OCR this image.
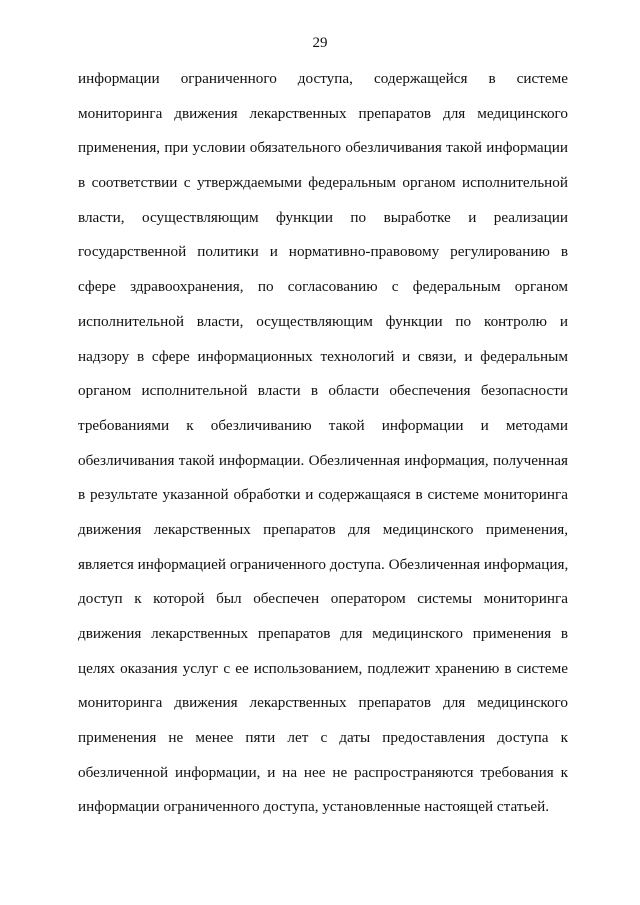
29
информации ограниченного доступа, содержащейся в системе
мониторинга движения лекарственных препаратов для медицинского
применения, при условии обязательного обезличивания такой информации
в соответствии с утверждаемыми федеральным органом исполнительной
власти, осуществляющим функции по выработке и реализации
государственной политики и нормативно-правовому регулированию в
сфере здравоохранения, по согласованию с федеральным органом
исполнительной власти, осуществляющим функции по контролю и
надзору в сфере информационных технологий и связи, и федеральным
органом исполнительной власти в области обеспечения безопасности
требованиями к обезличиванию такой информации и методами
обезличивания такой информации. Обезличенная информация, полученная
в результате указанной обработки и содержащаяся в системе мониторинга
движения лекарственных препаратов для медицинского применения,
является информацией ограниченного доступа. Обезличенная информация,
доступ к которой был обеспечен оператором системы мониторинга
движения лекарственных препаратов для медицинского применения в
целях оказания услуг с ее использованием, подлежит хранению в системе
мониторинга движения лекарственных препаратов для медицинского
применения не менее пяти лет с даты предоставления доступа к
обезличенной информации, и на нее не распространяются требования к
информации ограниченного доступа, установленные настоящей статьей.
